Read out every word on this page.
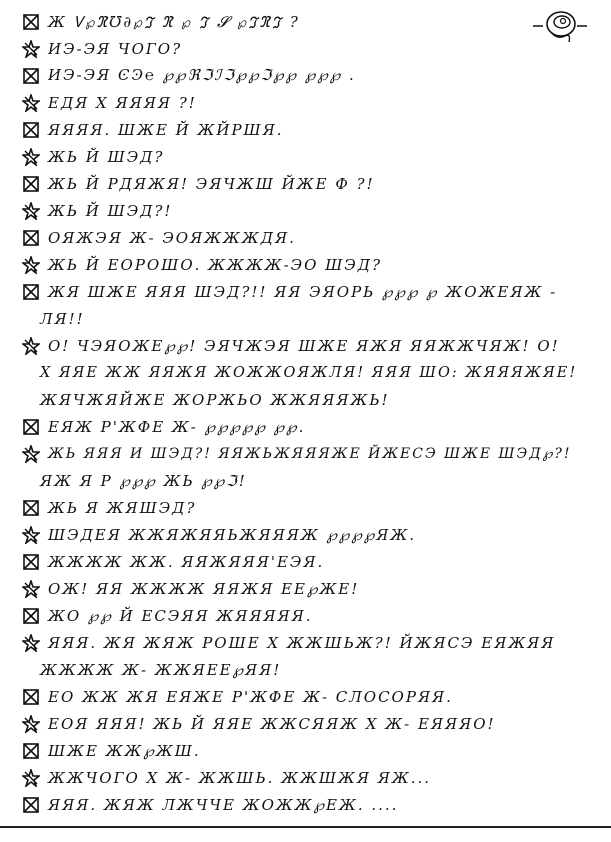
Ж Ꮩ℘ℜ℧∂℘ℑ ℜ ℘ ℑ 𝓢 ℘ℑℜℑ ?
ИЭ-ЭЯ ЧОГО?
ИЭ-ЭЯ ϾϿ℮ ℘℘ℜℑℐℑ℘℘ℑ℘℘ ℘℘℘ .
ЕДЯ Х ЯЯЯЯ ?!
ЯЯЯЯ. ШЖЕ Й ЖЙРШЯ.
ЖЬ Й ШЭД?
ЖЬ Й РДЯЖЯ! ЭЯЧЖШ ЙЖЕ Ф ?!
ЖЬ Й ШЭД?!
ОЯЖЭЯ Ж- ЭОЯЖЖЖДЯ.
ЖЬ Й ЕОРОШО. ЖЖЖЖ-ЭО ШЭД?
ЖЯ ШЖЕ ЯЯЯ ШЭД?!! ЯЯ ЭЯОРЬ ℘℘℘ ℘ ЖОЖЕЯЖ -
ЛЯ!!
О! ЧЭЯОЖЕ℘℘! ЭЯЧЖЭЯ ШЖЕ ЯЖЯ ЯЯЖЖЧЯЖ! О!
Х ЯЯЕ ЖЖ ЯЯЖЯ ЖОЖЖОЯЖЛЯ! ЯЯЯ ШО: ЖЯЯЯЖЯЕ!
ЖЯЧЖЯЙЖЕ ЖОРЖЬО ЖЖЯЯЯЖЬ!
ЕЯЖ Р'ЖФЕ Ж- ℘℘℘℘℘ ℘℘.
ЖЬ ЯЯЯ И ШЭД?! ЯЯЖЬЖЯЯЯЖЕ ЙЖЕСЭ ШЖЕ ШЭД℘?!
ЯЖ Я Р ℘℘℘ ЖЬ ℘℘ℑ!
ЖЬ Я ЖЯШЭД?
ШЭДЕЯ ЖЖЯЖЯЯЬЖЯЯЯЖ ℘℘℘℘ЯЖ.
ЖЖЖЖ ЖЖ. ЯЯЖЯЯЯ'ЕЭЯ.
ОЖ! ЯЯ ЖЖЖЖ ЯЯЖЯ ЕЕ℘ЖЕ!
ЖО ℘℘ Й ЕСЭЯЯ ЖЯЯЯЯЯ.
ЯЯЯ. ЖЯ ЖЯЖ РОШЕ Х ЖЖШЬЖ?! ЙЖЯСЭ ЕЯЖЯЯ
ЖЖЖЖ Ж- ЖЖЯЕЕ℘ЯЯ!
ЕО ЖЖ ЖЯ ЕЯЖЕ Р'ЖФЕ Ж- СЛОСОРЯЯ.
ЕОЯ ЯЯЯ! ЖЬ Й ЯЯЕ ЖЖСЯЯЖ Х Ж- ЕЯЯЯО!
ШЖЕ ЖЖ℘ЖШ.
ЖЖЧОГО Х Ж- ЖЖШЬ. ЖЖШЖЯ ЯЖ...
ЯЯЯ. ЖЯЖ ЛЖЧЧЕ ЖОЖЖ℘ЕЖ. ....
